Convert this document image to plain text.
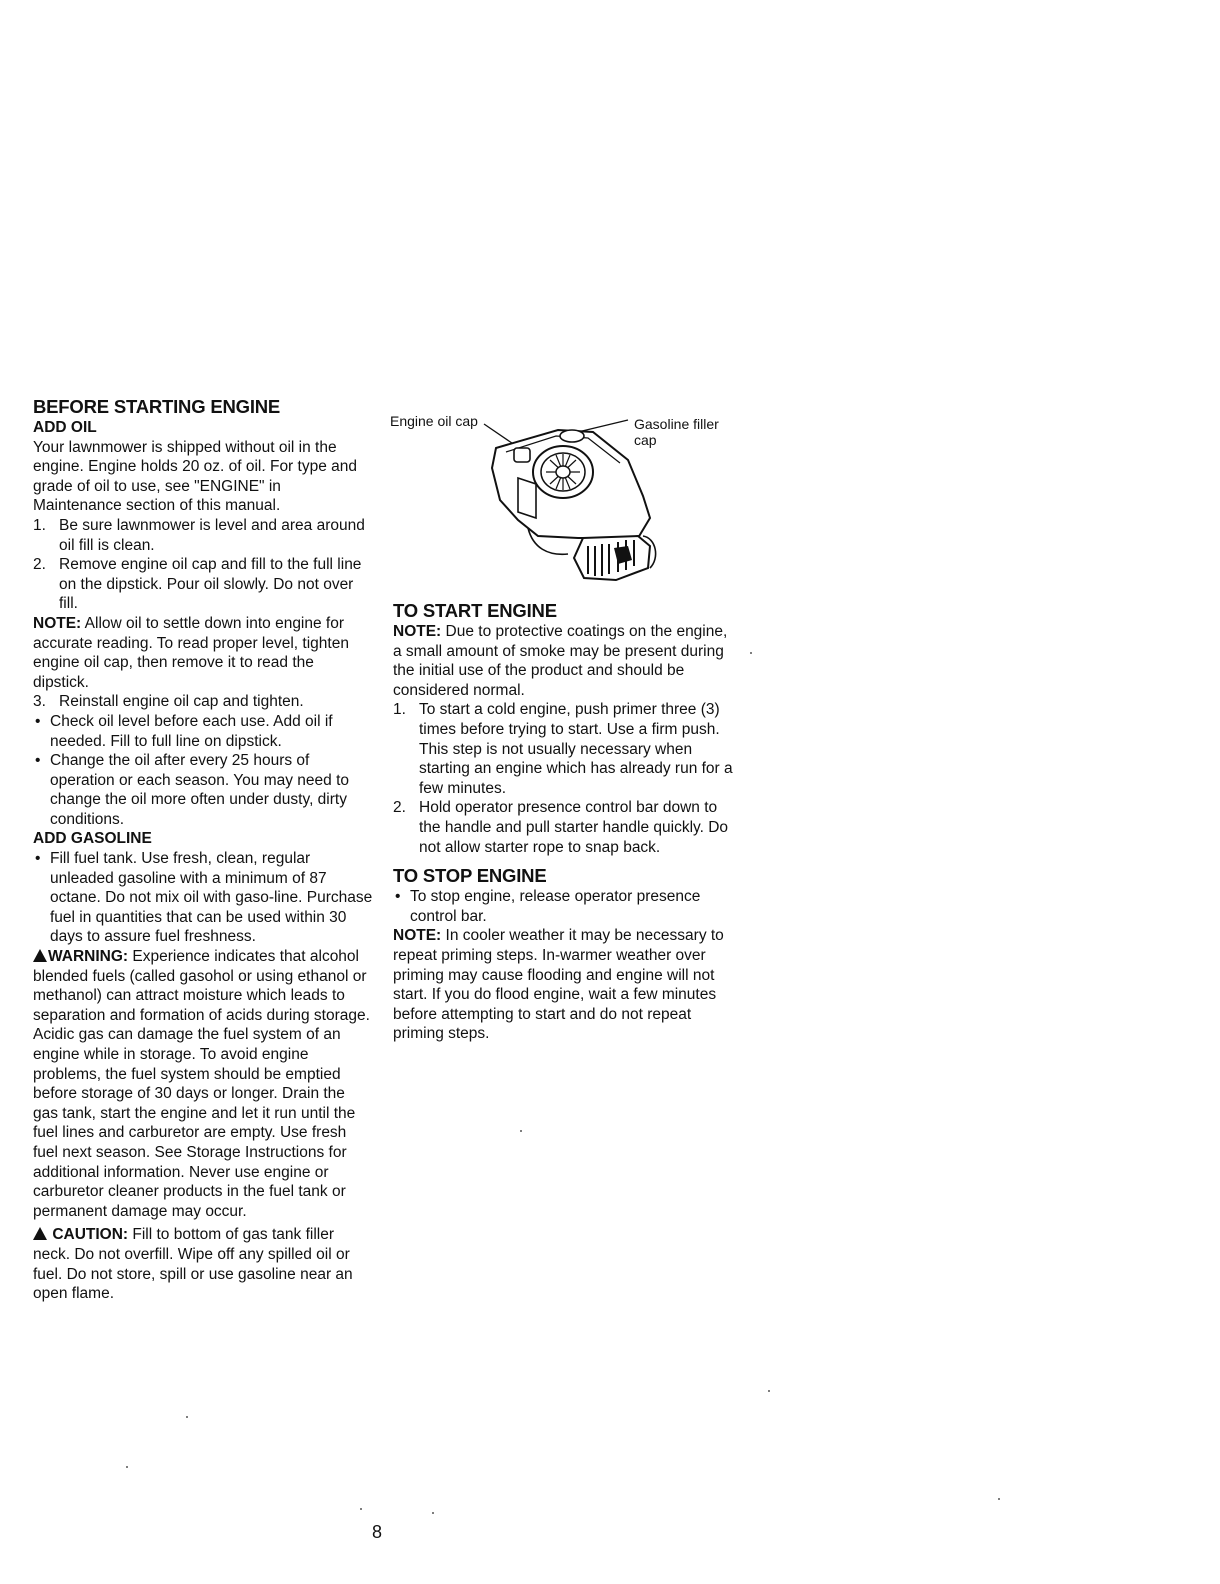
BEFORE STARTING ENGINE
ADD OIL

Your lawnmower is shipped without oil in the engine. Engine holds 20 oz. of oil. For type and grade of oil to use, see "ENGINE" in Maintenance section of this manual.

1. Be sure lawnmower is level and area around oil fill is clean.
2. Remove engine oil cap and fill to the full line on the dipstick. Pour oil slowly. Do not over fill.

NOTE: Allow oil to settle down into engine for accurate reading. To read proper level, tighten engine oil cap, then remove it to read the dipstick.

3. Reinstall engine oil cap and tighten.
• Check oil level before each use. Add oil if needed. Fill to full line on dipstick.
• Change the oil after every 25 hours of operation or each season. You may need to change the oil more often under dusty, dirty conditions.
ADD GASOLINE
• Fill fuel tank. Use fresh, clean, regular unleaded gasoline with a minimum of 87 octane. Do not mix oil with gaso-line. Purchase fuel in quantities that can be used within 30 days to assure fuel freshness.

WARNING: Experience indicates that alcohol blended fuels (called gasohol or using ethanol or methanol) can attract moisture which leads to separation and formation of acids during storage. Acidic gas can damage the fuel system of an engine while in storage. To avoid engine problems, the fuel system should be emptied before storage of 30 days or longer. Drain the gas tank, start the engine and let it run until the fuel lines and carburetor are empty. Use fresh fuel next season. See Storage Instructions for additional information. Never use engine or carburetor cleaner products in the fuel tank or permanent damage may occur.

CAUTION: Fill to bottom of gas tank filler neck. Do not overfill. Wipe off any spilled oil or fuel. Do not store, spill or use gasoline near an open flame.

Engine oil cap	Gasoline filler cap
TO START ENGINE

NOTE: Due to protective coatings on the engine, a small amount of smoke may be present during the initial use of the product and should be considered normal.

1. To start a cold engine, push primer three (3) times before trying to start. Use a firm push. This step is not usually necessary when starting an engine which has already run for a few minutes.
2. Hold operator presence control bar down to the handle and pull starter handle quickly. Do not allow starter rope to snap back.
TO STOP ENGINE
• To stop engine, release operator presence control bar.

NOTE: In cooler weather it may be necessary to repeat priming steps. In-warmer weather over priming may cause flooding and engine will not start. If you do flood engine, wait a few minutes before attempting to start and do not repeat priming steps.

8
